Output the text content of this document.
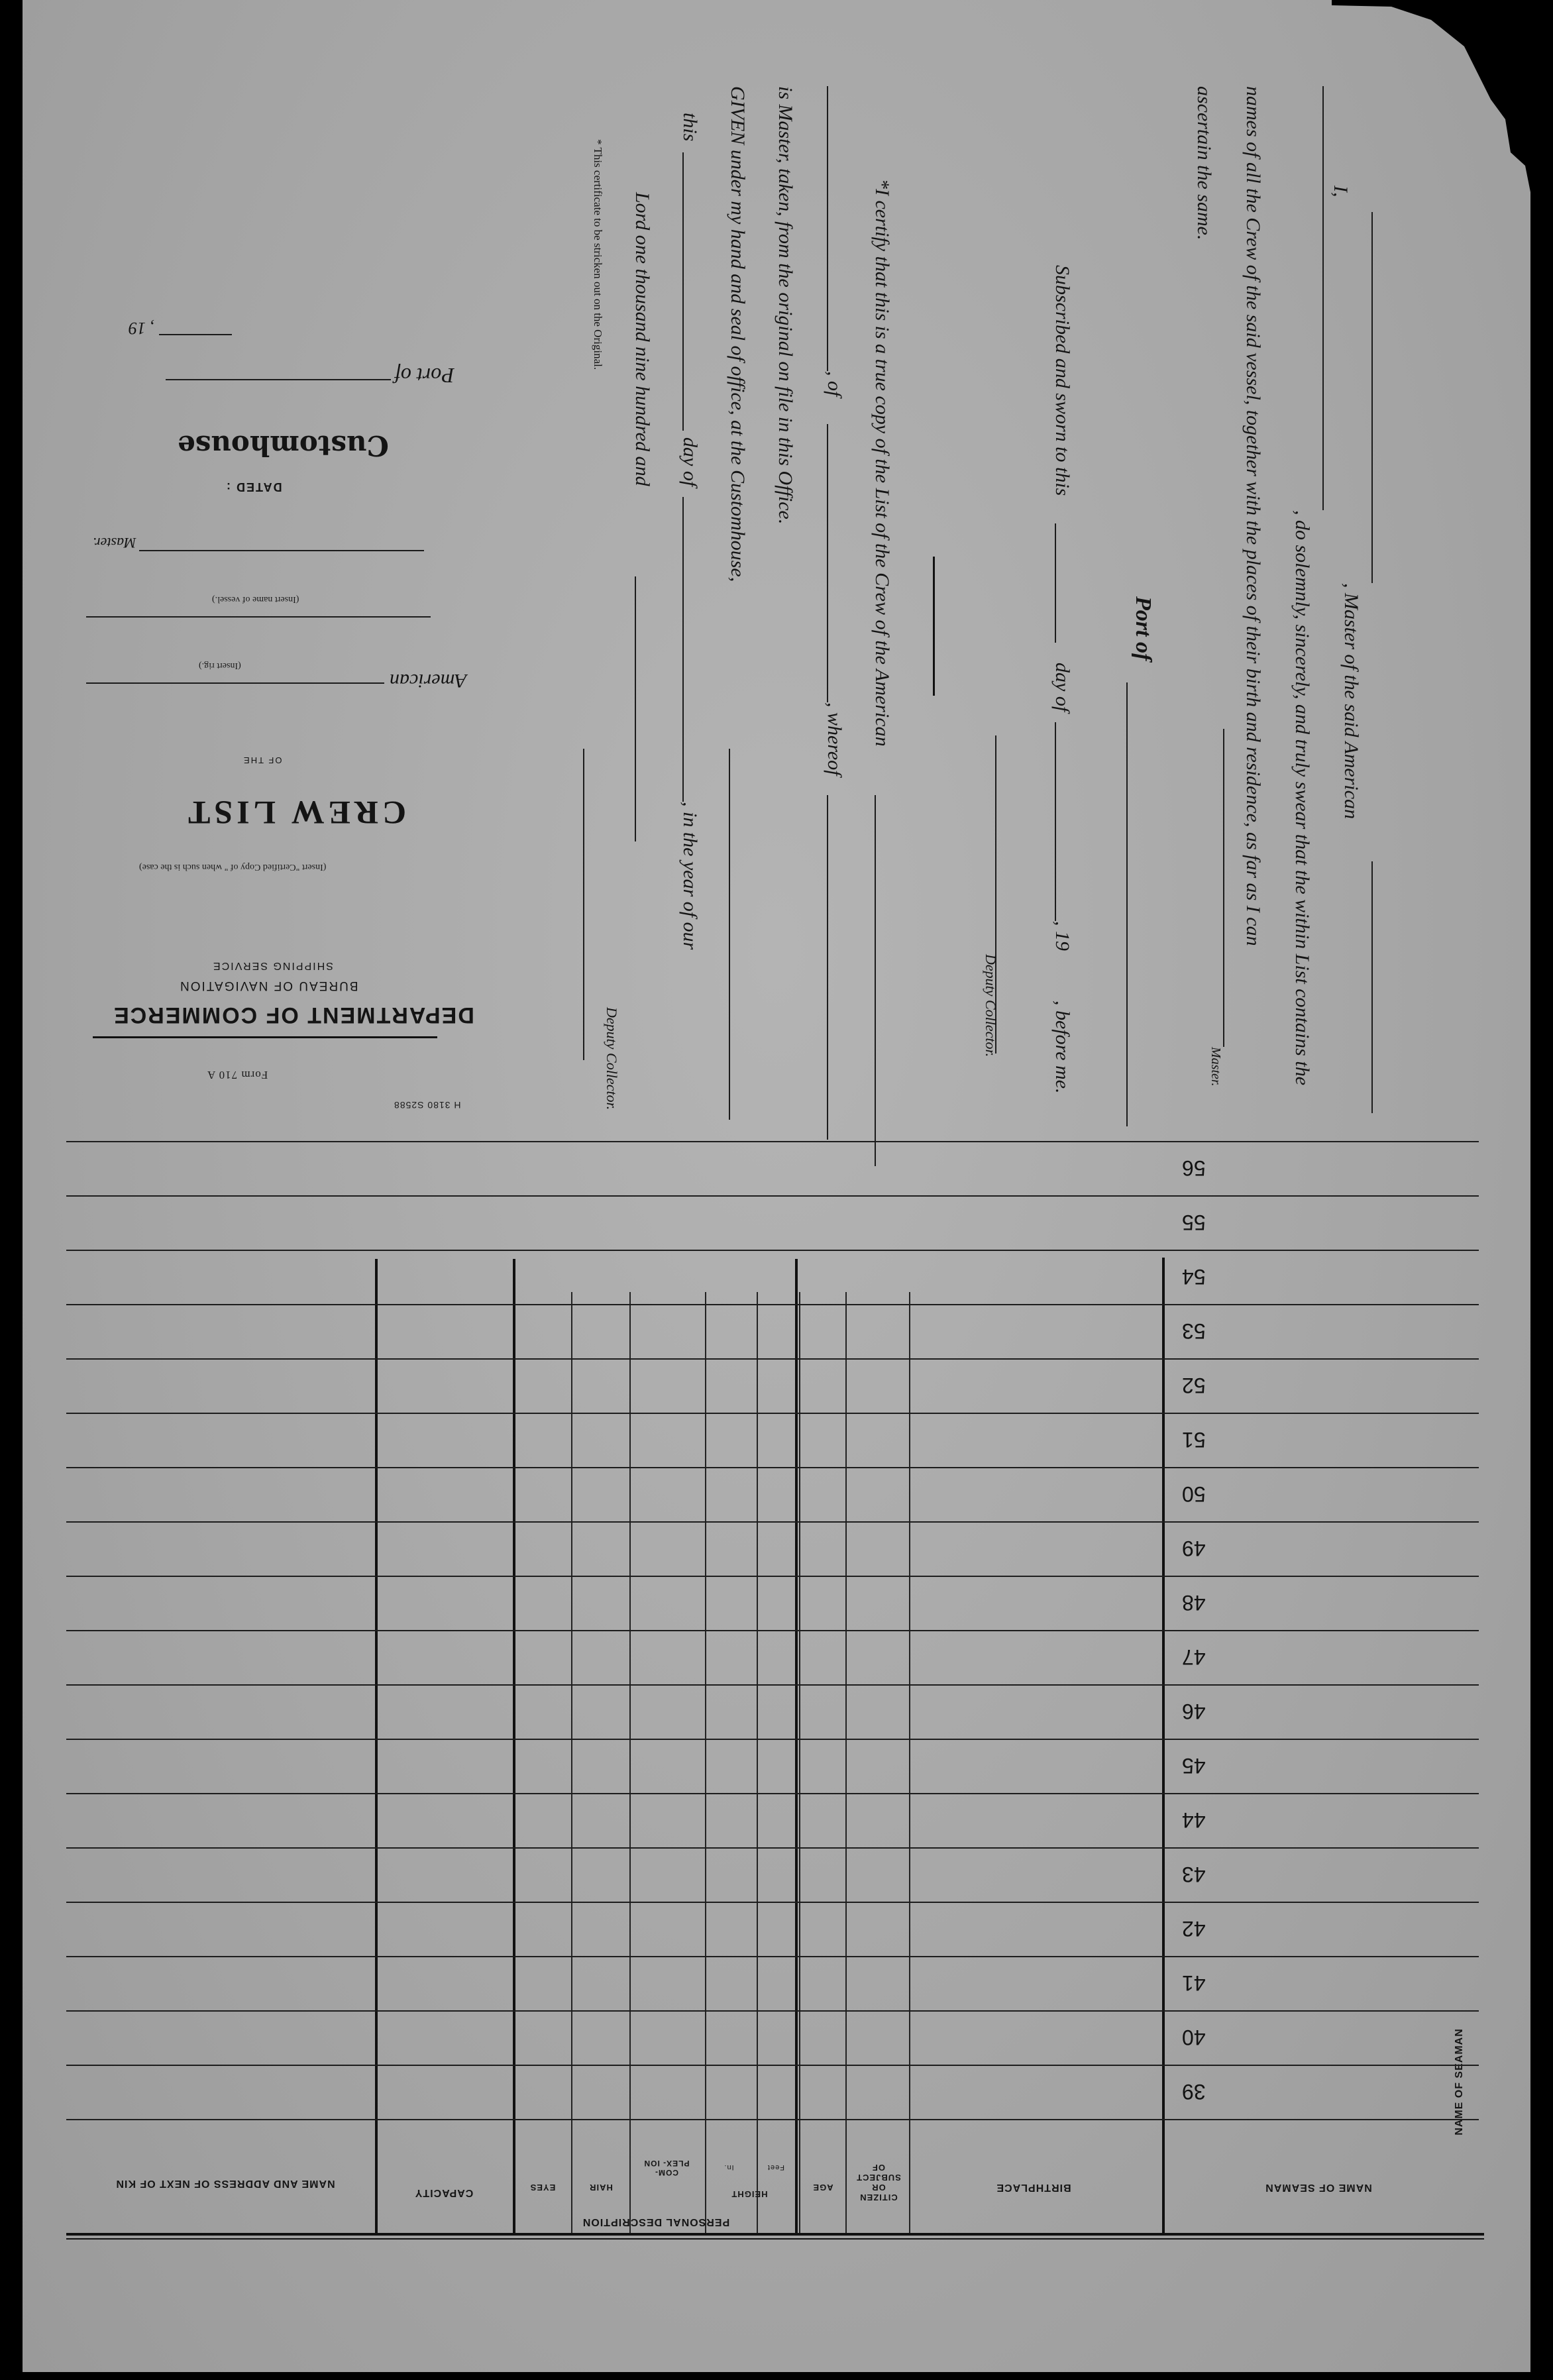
NAME OF SEAMAN
39
40
41
42
43
44
45
46
47
48
49
50
51
52
53
54
55
56
NAME OF SEAMAN
BIRTHPLACE
CITIZEN OR SUBJECT OF
AGE
PERSONAL DESCRIPTION
HEIGHT
Feet
In.
COM- PLEX- ION
HAIR
EYES
CAPACITY
NAME AND ADDRESS OF NEXT OF KIN
I,
, Master of the said American
, do solemnly, sincerely, and truly swear that the within List contains the
names of all the Crew of the said vessel, together with the places of their birth and residence, as far as I can
ascertain the same.
Master.
Port of
Subscribed and sworn to this
day of
, 19
, before me.
Deputy Collector.
*I certify that this is a true copy of the List of the Crew of the American
, of
, whereof
is Master, taken, from the original on file in this Office.
GIVEN under my hand and seal of office, at the Customhouse,
this
day of
, in the year of our
Lord one thousand nine hundred and
Deputy Collector.
* This certificate to be stricken out on the Original.
H 3180 S2588
Form 710 A
DEPARTMENT OF COMMERCE
BUREAU OF NAVIGATION
SHIPPING SERVICE
(Insert "Certified Copy of " when such is the case)
CREW LIST
OF THE
American
(Insert rig.)
(Insert name of vessel.)
Master.
DATED :
Customhouse
Port of
, 19
